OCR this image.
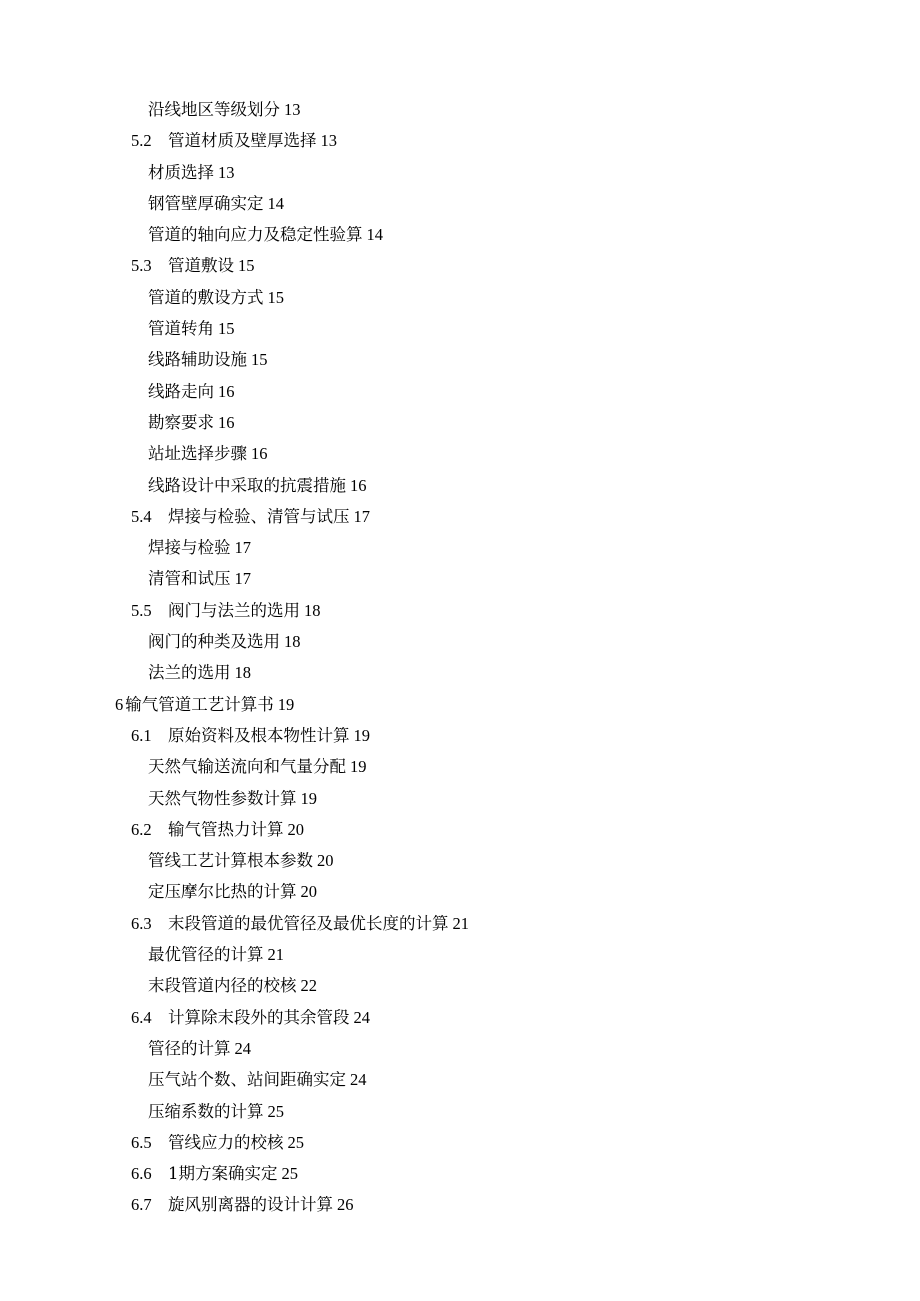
沿线地区等级划分 13
5.2 管道材质及壁厚选择 13
材质选择 13
钢管壁厚确实定 14
管道的轴向应力及稳定性验算 14
5.3 管道敷设 15
管道的敷设方式 15
管道转角 15
线路辅助设施 15
线路走向 16
勘察要求 16
站址选择步骤 16
线路设计中采取的抗震措施 16
5.4 焊接与检验、清管与试压 17
焊接与检验 17
清管和试压 17
5.5 阀门与法兰的选用 18
阀门的种类及选用 18
法兰的选用 18
6 输气管道工艺计算书 19
6.1 原始资料及根本物性计算 19
天然气输送流向和气量分配 19
天然气物性参数计算 19
6.2 输气管热力计算 20
管线工艺计算根本参数 20
定压摩尔比热的计算 20
6.3 末段管道的最优管径及最优长度的计算 21
最优管径的计算 21
末段管道内径的校核 22
6.4 计算除末段外的其余管段 24
管径的计算 24
压气站个数、站间距确实定 24
压缩系数的计算 25
6.5 管线应力的校核 25
6.6 1期方案确实定 25
6.7 旋风别离器的设计计算 26
